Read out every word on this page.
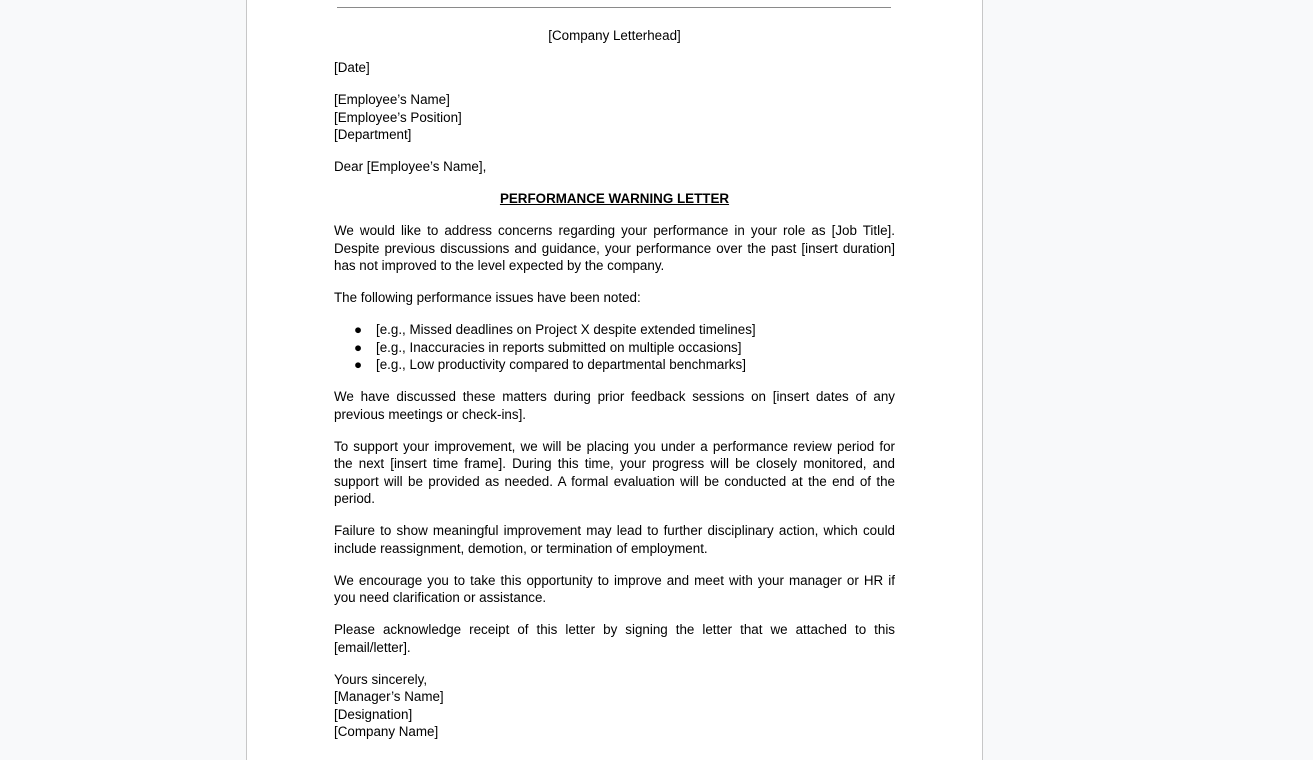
[Company Letterhead]

[Date]

[Employee’s Name]
[Employee’s Position]
[Department]

Dear [Employee’s Name],

PERFORMANCE WARNING LETTER

We would like to address concerns regarding your performance in your role as [Job Title]. Despite previous discussions and guidance, your performance over the past [insert duration] has not improved to the level expected by the company.

The following performance issues have been noted:

● [e.g., Missed deadlines on Project X despite extended timelines]
● [e.g., Inaccuracies in reports submitted on multiple occasions]
● [e.g., Low productivity compared to departmental benchmarks]

We have discussed these matters during prior feedback sessions on [insert dates of any previous meetings or check-ins].

To support your improvement, we will be placing you under a performance review period for the next [insert time frame]. During this time, your progress will be closely monitored, and support will be provided as needed. A formal evaluation will be conducted at the end of the period.

Failure to show meaningful improvement may lead to further disciplinary action, which could include reassignment, demotion, or termination of employment.

We encourage you to take this opportunity to improve and meet with your manager or HR if you need clarification or assistance.

Please acknowledge receipt of this letter by signing the letter that we attached to this [email/letter].

Yours sincerely,
[Manager’s Name]
[Designation]
[Company Name]
